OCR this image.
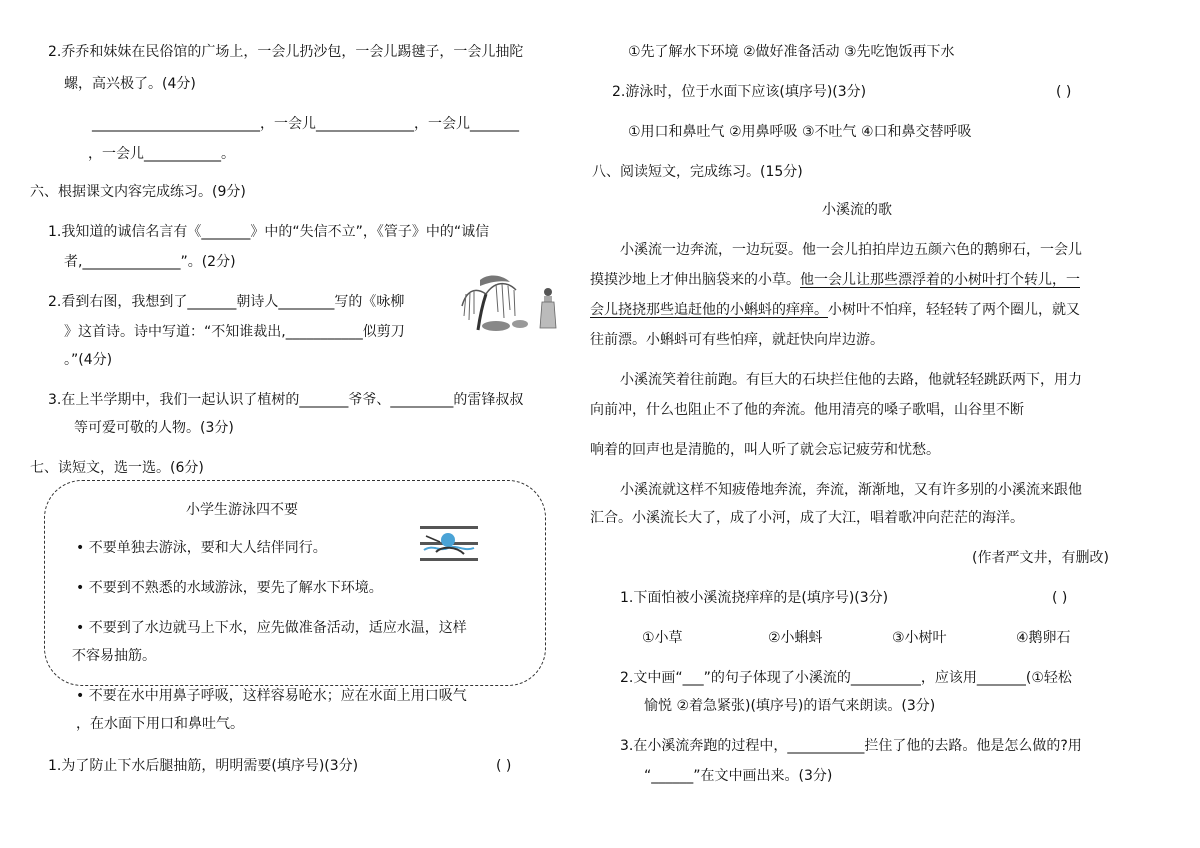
2.乔乔和妹妹在民俗馆的广场上，一会儿扔沙包，一会儿踢毽子，一会儿抽陀
螺，高兴极了。(4分)
________________________，一会儿______________，一会儿_______
，一会儿___________。
六、根据课文内容完成练习。(9分)
1.我知道的诚信名言有《_______》中的“失信不立”，《管子》中的“诚信
者,______________”。(2分)
2.看到右图，我想到了_______朝诗人________写的《咏柳
》这首诗。诗中写道：“不知谁裁出,___________似剪刀
。”(4分)
3.在上半学期中，我们一起认识了植树的_______爷爷、_________的雷锋叔叔
等可爱可敬的人物。(3分)
七、读短文，选一选。(6分)
小学生游泳四不要
• 不要单独去游泳，要和大人结伴同行。
• 不要到不熟悉的水域游泳，要先了解水下环境。
• 不要到了水边就马上下水，应先做准备活动，适应水温，这样
不容易抽筋。
• 不要在水中用鼻子呼吸，这样容易呛水；应在水面上用口吸气
，在水面下用口和鼻吐气。
1.为了防止下水后腿抽筋，明明需要(填序号)(3分)	( )
①先了解水下环境 ②做好准备活动 ③先吃饱饭再下水
2.游泳时，位于水面下应该(填序号)(3分)	( )
①用口和鼻吐气 ②用鼻呼吸 ③不吐气 ④口和鼻交替呼吸
八、阅读短文，完成练习。(15分)
小溪流的歌
小溪流一边奔流，一边玩耍。他一会儿拍拍岸边五颜六色的鹅卵石，一会儿
摸摸沙地上才伸出脑袋来的小草。他一会儿让那些漂浮着的小树叶打个转儿，一
会儿挠挠那些追赶他的小蝌蚪的痒痒。小树叶不怕痒，轻轻转了两个圈儿，就又
往前漂。小蝌蚪可有些怕痒，就赶快向岸边游。
小溪流笑着往前跑。有巨大的石块拦住他的去路，他就轻轻跳跃两下，用力
向前冲，什么也阻止不了他的奔流。他用清亮的嗓子歌唱，山谷里不断
响着的回声也是清脆的，叫人听了就会忘记疲劳和忧愁。
小溪流就这样不知疲倦地奔流，奔流，渐渐地，又有许多别的小溪流来跟他
汇合。小溪流长大了，成了小河，成了大江，唱着歌冲向茫茫的海洋。
(作者严文井，有删改)
1.下面怕被小溪流挠痒痒的是(填序号)(3分)	( )
①小草	②小蝌蚪	③小树叶	④鹅卵石
2.文中画“___”的句子体现了小溪流的__________，应该用_______(①轻松
愉悦 ②着急紧张)(填序号)的语气来朗读。(3分)
3.在小溪流奔跑的过程中，___________拦住了他的去路。他是怎么做的?用
“______”在文中画出来。(3分)
